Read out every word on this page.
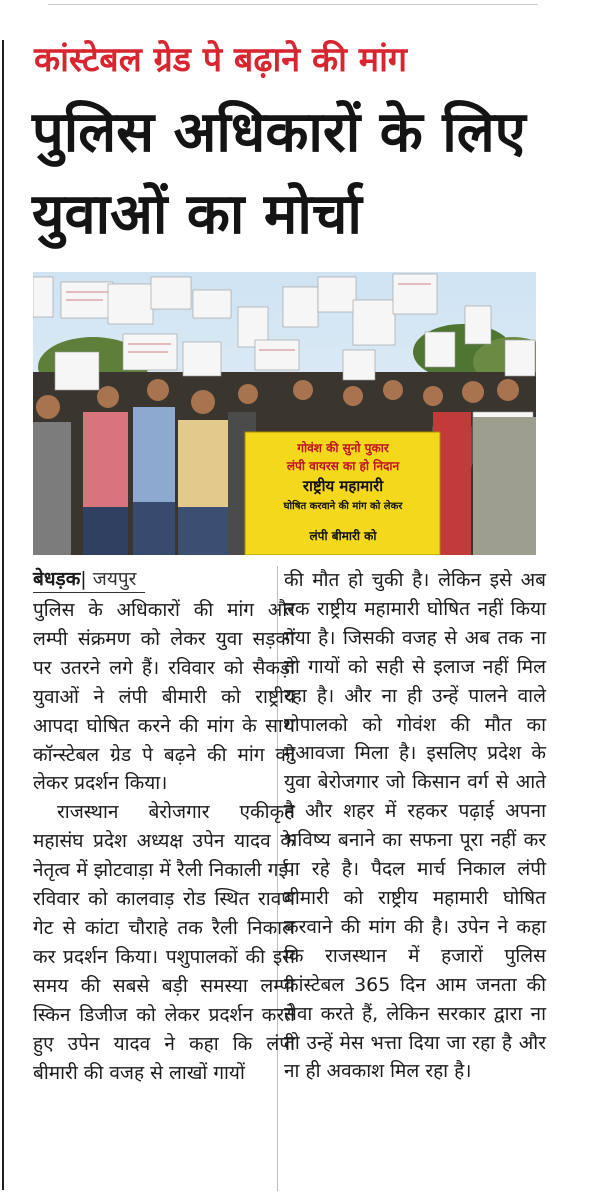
कांस्टेबल ग्रेड पे बढ़ाने की मांग
पुलिस अधिकारों के लिए युवाओं का मोर्चा
गोवंश की सुनो पुकार
लंपी वायरस का हो निदान
राष्ट्रीय महामारी
घोषित करवाने की मांग को लेकर
लंपी बीमारी को
बेधड़क| जयपुर

पुलिस के अधिकारों की मांग और लम्पी संक्रमण को लेकर युवा सड़कों पर उतरने लगे हैं। रविवार को सैकड़ो युवाओं ने लंपी बीमारी को राष्ट्रीय आपदा घोषित करने की मांग के साथ कॉन्स्टेबल ग्रेड पे बढ़ने की मांग को लेकर प्रदर्शन किया।

राजस्थान बेरोजगार एकीकृत महासंघ प्रदेश अध्यक्ष उपेन यादव के नेतृत्व में झोटवाड़ा में रैली निकाली गई। रविवार को कालवाड़ रोड स्थित रावण गेट से कांटा चौराहे तक रैली निकाल कर प्रदर्शन किया। पशुपालकों की इस समय की सबसे बड़ी समस्या लम्पी स्किन डिजीज को लेकर प्रदर्शन करते हुए उपेन यादव ने कहा कि लंपी बीमारी की वजह से लाखों गायों

की मौत हो चुकी है। लेकिन इसे अब तक राष्ट्रीय महामारी घोषित नहीं किया गया है। जिसकी वजह से अब तक ना तो गायों को सही से इलाज नहीं मिल रहा है। और ना ही उन्हें पालने वाले गोपालको को गोवंश की मौत का मुआवजा मिला है। इसलिए प्रदेश के युवा बेरोजगार जो किसान वर्ग से आते है और शहर में रहकर पढ़ाई अपना भविष्य बनाने का सफना पूरा नहीं कर पा रहे है। पैदल मार्च निकाल लंपी बीमारी को राष्ट्रीय महामारी घोषित करवाने की मांग की है। उपेन ने कहा कि राजस्थान में हजारों पुलिस कांस्टेबल 365 दिन आम जनता की सेवा करते हैं, लेकिन सरकार द्वारा ना तो उन्हें मेस भत्ता दिया जा रहा है और ना ही अवकाश मिल रहा है।
